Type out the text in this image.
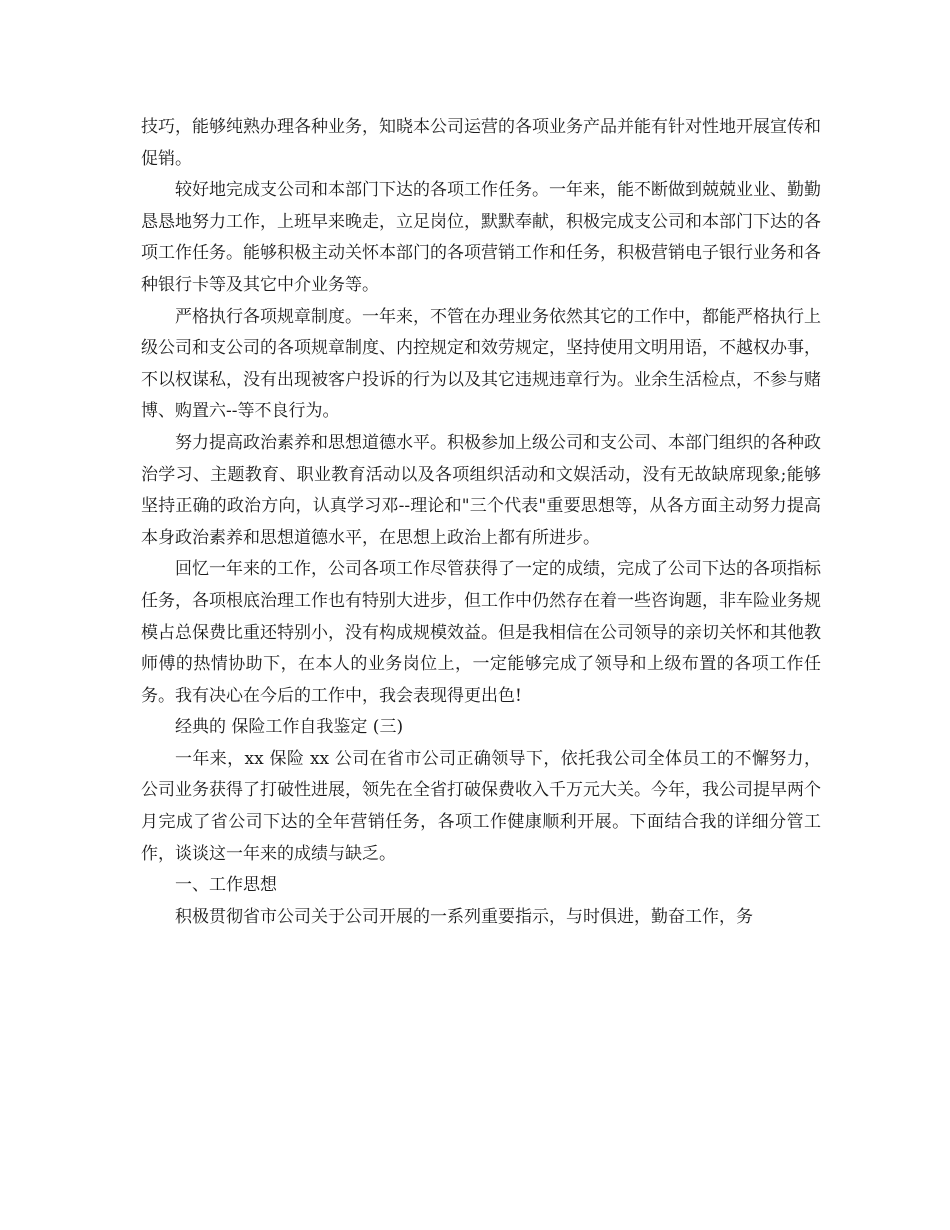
技巧，能够纯熟办理各种业务，知晓本公司运营的各项业务产品并能有针对性地开展宣传和促销。

较好地完成支公司和本部门下达的各项工作任务。一年来，能不断做到兢兢业业、勤勤恳恳地努力工作，上班早来晚走，立足岗位，默默奉献，积极完成支公司和本部门下达的各项工作任务。能够积极主动关怀本部门的各项营销工作和任务，积极营销电子银行业务和各种银行卡等及其它中介业务等。

严格执行各项规章制度。一年来，不管在办理业务依然其它的工作中，都能严格执行上级公司和支公司的各项规章制度、内控规定和效劳规定，坚持使用文明用语，不越权办事，不以权谋私，没有出现被客户投诉的行为以及其它违规违章行为。业余生活检点，不参与赌博、购置六--等不良行为。

努力提高政治素养和思想道德水平。积极参加上级公司和支公司、本部门组织的各种政治学习、主题教育、职业教育活动以及各项组织活动和文娱活动，没有无故缺席现象;能够坚持正确的政治方向，认真学习邓--理论和"三个代表"重要思想等，从各方面主动努力提高本身政治素养和思想道德水平，在思想上政治上都有所进步。

回忆一年来的工作，公司各项工作尽管获得了一定的成绩，完成了公司下达的各项指标任务，各项根底治理工作也有特别大进步，但工作中仍然存在着一些咨询题，非车险业务规模占总保费比重还特别小，没有构成规模效益。但是我相信在公司领导的亲切关怀和其他教师傅的热情协助下，在本人的业务岗位上，一定能够完成了领导和上级布置的各项工作任务。我有决心在今后的工作中，我会表现得更出色!

经典的 保险工作自我鉴定 (三)

一年来，xx 保险 xx 公司在省市公司正确领导下，依托我公司全体员工的不懈努力，公司业务获得了打破性进展，领先在全省打破保费收入千万元大关。今年，我公司提早两个月完成了省公司下达的全年营销任务，各项工作健康顺利开展。下面结合我的详细分管工作，谈谈这一年来的成绩与缺乏。

一、工作思想

积极贯彻省市公司关于公司开展的一系列重要指示，与时俱进，勤奋工作，务
